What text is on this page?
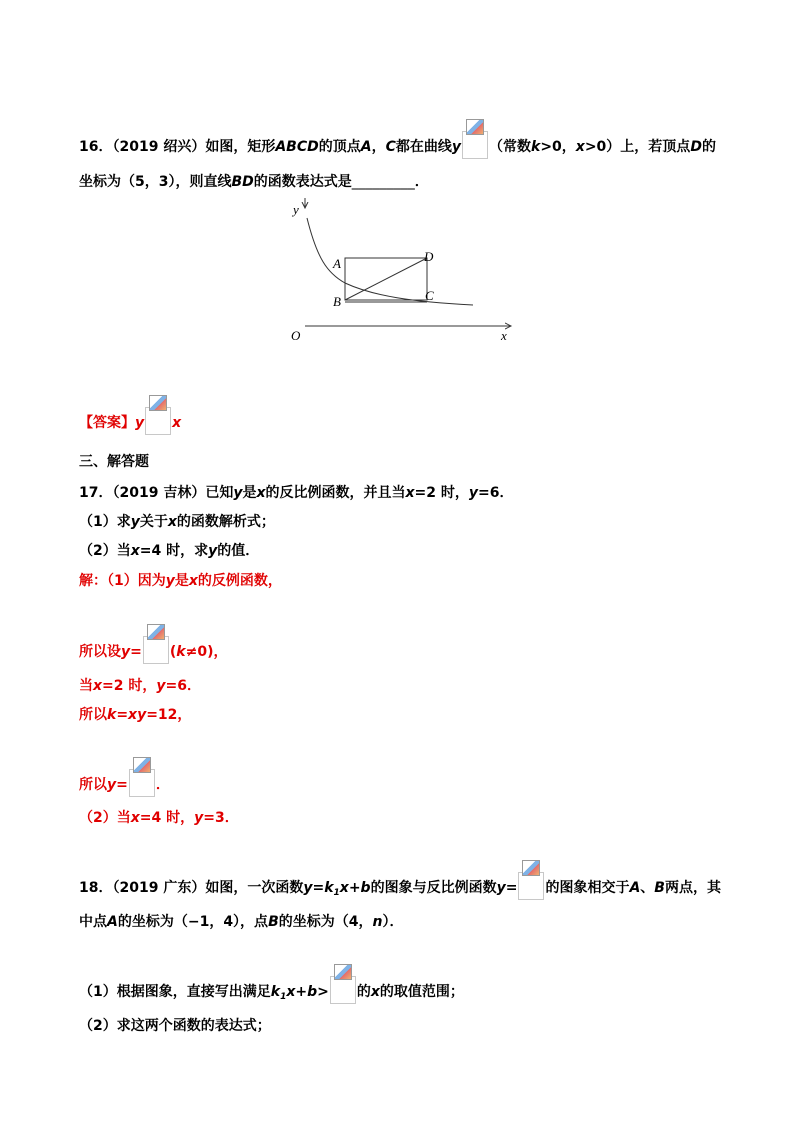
16．（2019 绍兴）如图，矩形ABCD的顶点A，C都在曲线y （常数k>0，x>0）上，若顶点D的
坐标为（5，3），则直线BD的函数表达式是_________．
y
x
O
A
B	C
D
【答案】y x
三、解答题
17．（2019 吉林）已知y是x的反比例函数，并且当x=2 时，y=6．
（1）求y关于x的函数解析式；
（2）当x=4 时，求y的值．
解：（1）因为y是x的反例函数，
所以设y= (k≠0)，
当x=2 时，y=6．
所以k=xy=12，
所以y= ．
（2）当x=4 时，y=3．
18．（2019 广东）如图，一次函数$y=k_1x+b$的图象与反比例函数y= 的图象相交于A、B两点，其
中点A的坐标为（−1，4），点B的坐标为（4，n）．
（1）根据图象，直接写出满足$k_1x+b>$ 的x的取值范围；
（2）求这两个函数的表达式；
